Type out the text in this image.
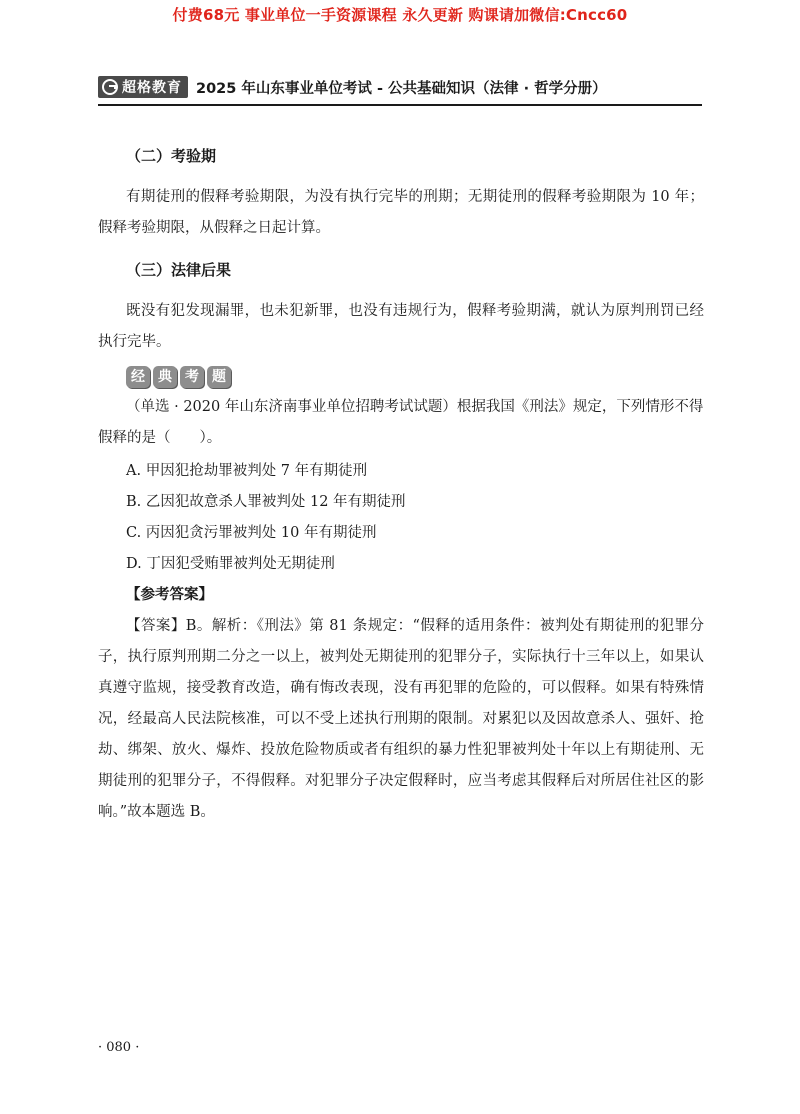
付费68元 事业单位一手资源课程 永久更新 购课请加微信:Cncc60
超格教育 2025 年山东事业单位考试 - 公共基础知识（法律 · 哲学分册）
（二）考验期

有期徒刑的假释考验期限，为没有执行完毕的刑期；无期徒刑的假释考验期限为 10 年；假释考验期限，从假释之日起计算。

（三）法律后果

既没有犯发现漏罪，也未犯新罪，也没有违规行为，假释考验期满，就认为原判刑罚已经执行完毕。

经 典 考 题

（单选 · 2020 年山东济南事业单位招聘考试试题）根据我国《刑法》规定，下列情形不得假释的是（　　）。

A. 甲因犯抢劫罪被判处 7 年有期徒刑
B. 乙因犯故意杀人罪被判处 12 年有期徒刑
C. 丙因犯贪污罪被判处 10 年有期徒刑
D. 丁因犯受贿罪被判处无期徒刑
【参考答案】

【答案】B。解析：《刑法》第 81 条规定：“假释的适用条件：被判处有期徒刑的犯罪分子，执行原判刑期二分之一以上，被判处无期徒刑的犯罪分子，实际执行十三年以上，如果认真遵守监规，接受教育改造，确有悔改表现，没有再犯罪的危险的，可以假释。如果有特殊情况，经最高人民法院核准，可以不受上述执行刑期的限制。对累犯以及因故意杀人、强奸、抢劫、绑架、放火、爆炸、投放危险物质或者有组织的暴力性犯罪被判处十年以上有期徒刑、无期徒刑的犯罪分子，不得假释。对犯罪分子决定假释时，应当考虑其假释后对所居住社区的影响。”故本题选 B。

· 080 ·
